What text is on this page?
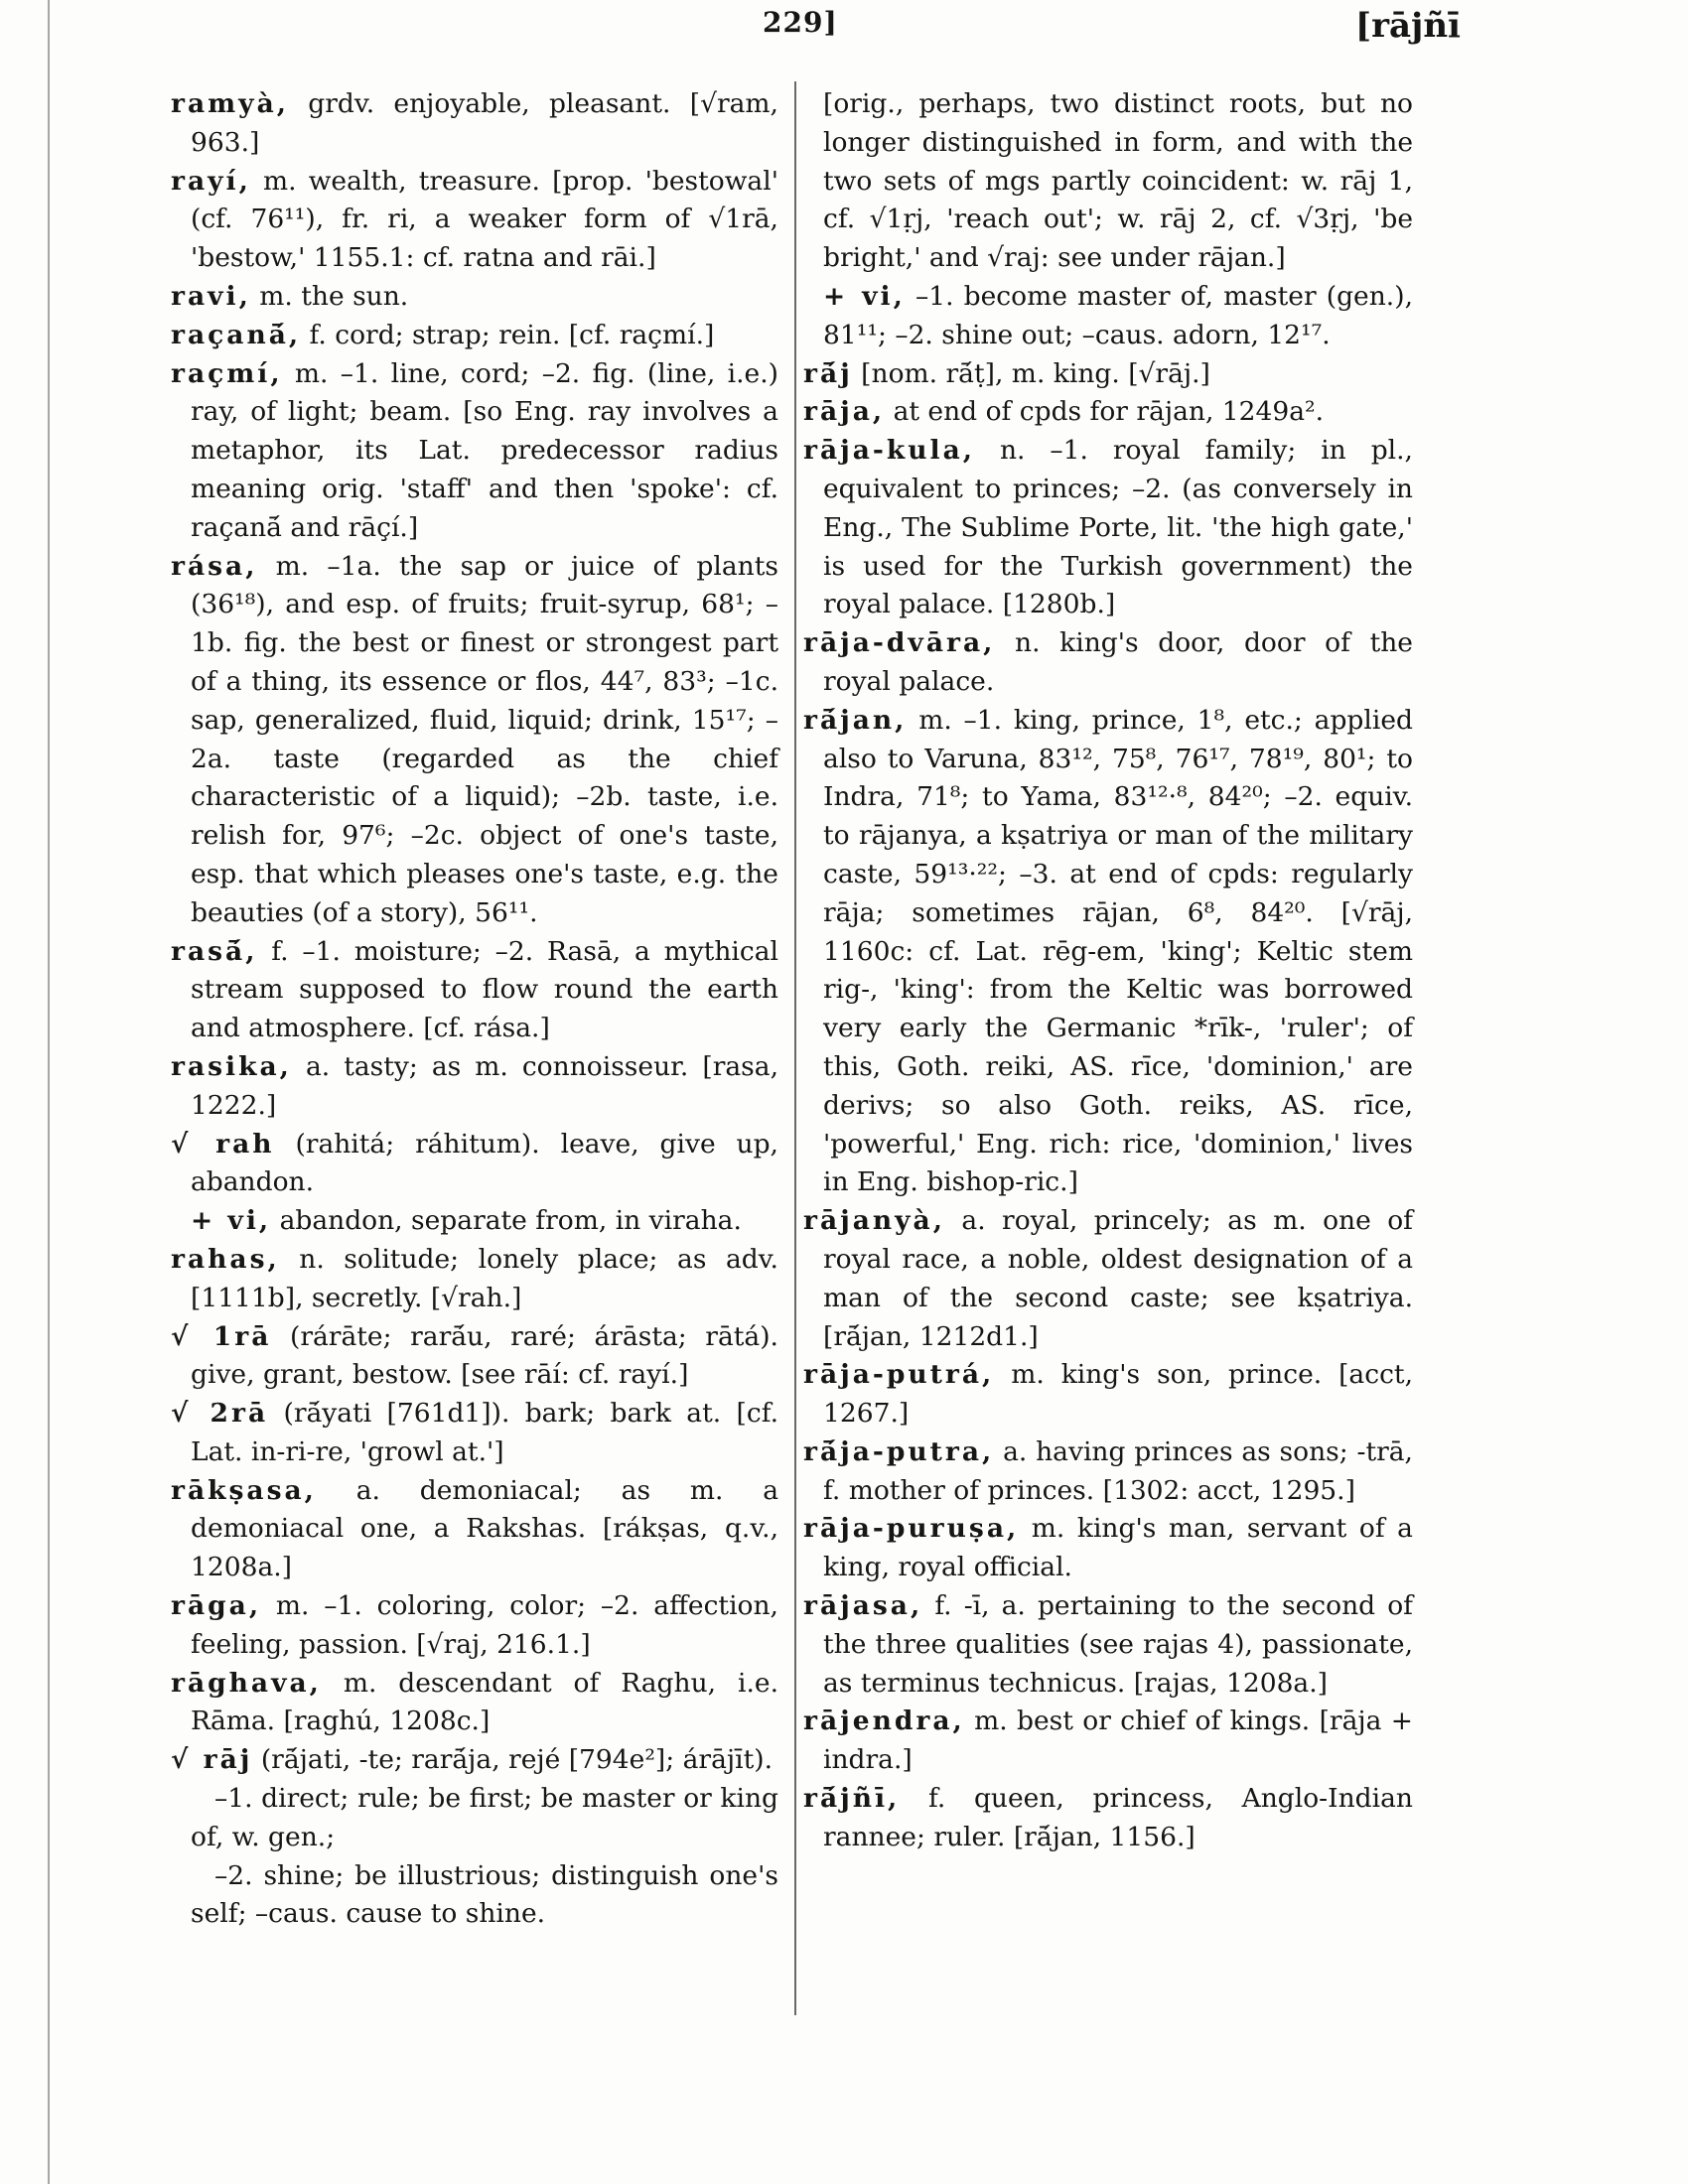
229]	[rājñī
ramyà, grdv. enjoyable, pleasant. [√ram, 963.]
rayí, m. wealth, treasure. [prop. 'bestowal' (cf. 76¹¹), fr. ri, a weaker form of √1rā, 'bestow,' 1155.1: cf. ratna and rāi.]
ravi, m. the sun.
raçanā́, f. cord; strap; rein. [cf. raçmí.]
raçmí, m. –1. line, cord; –2. fig. (line, i.e.) ray, of light; beam. [so Eng. ray involves a metaphor, its Lat. predecessor radius meaning orig. 'staff' and then 'spoke': cf. raçanā́ and rāçí.]
rása, m. –1a. the sap or juice of plants (36¹⁸), and esp. of fruits; fruit-syrup, 68¹; –1b. fig. the best or finest or strongest part of a thing, its essence or flos, 44⁷, 83³; –1c. sap, generalized, fluid, liquid; drink, 15¹⁷; –2a. taste (regarded as the chief characteristic of a liquid); –2b. taste, i.e. relish for, 97⁶; –2c. object of one's taste, esp. that which pleases one's taste, e.g. the beauties (of a story), 56¹¹.
rasā́, f. –1. moisture; –2. Rasā, a mythical stream supposed to flow round the earth and atmosphere. [cf. rása.]
rasika, a. tasty; as m. connoisseur. [rasa, 1222.]
√ rah (rahitá; ráhitum). leave, give up, abandon.
+ vi, abandon, separate from, in viraha.
rahas, n. solitude; lonely place; as adv. [1111b], secretly. [√rah.]
√ 1rā (rárāte; rarā́u, raré; árāsta; rātá). give, grant, bestow. [see rāí: cf. rayí.]
√ 2rā (rā́yati [761d1]). bark; bark at. [cf. Lat. in-ri-re, 'growl at.']
rākṣasa, a. demoniacal; as m. a demoniacal one, a Rakshas. [rákṣas, q.v., 1208a.]
rāga, m. –1. coloring, color; –2. affection, feeling, passion. [√raj, 216.1.]
rāghava, m. descendant of Raghu, i.e. Rāma. [raghú, 1208c.]
√ rāj (rā́jati, -te; rarā́ja, rejé [794e²]; árājīt).
–1. direct; rule; be first; be master or king of, w. gen.;
–2. shine; be illustrious; distinguish one's self; –caus. cause to shine.
[orig., perhaps, two distinct roots, but no longer distinguished in form, and with the two sets of mgs partly coincident: w. rāj 1, cf. √1ṛj, 'reach out'; w. rāj 2, cf. √3ṛj, 'be bright,' and √raj: see under rājan.]
+ vi, –1. become master of, master (gen.), 81¹¹; –2. shine out; –caus. adorn, 12¹⁷.
rā́j [nom. rā́ṭ], m. king. [√rāj.]
rāja, at end of cpds for rājan, 1249a².
rāja-kula, n. –1. royal family; in pl., equivalent to princes; –2. (as conversely in Eng., The Sublime Porte, lit. 'the high gate,' is used for the Turkish government) the royal palace. [1280b.]
rāja-dvāra, n. king's door, door of the royal palace.
rā́jan, m. –1. king, prince, 1⁸, etc.; applied also to Varuna, 83¹², 75⁸, 76¹⁷, 78¹⁹, 80¹; to Indra, 71⁸; to Yama, 83¹²·⁸, 84²⁰; –2. equiv. to rājanya, a kṣatriya or man of the military caste, 59¹³·²²; –3. at end of cpds: regularly rāja; sometimes rājan, 6⁸, 84²⁰. [√rāj, 1160c: cf. Lat. rēg-em, 'king'; Keltic stem rig-, 'king': from the Keltic was borrowed very early the Germanic *rīk-, 'ruler'; of this, Goth. reiki, AS. rīce, 'dominion,' are derivs; so also Goth. reiks, AS. rīce, 'powerful,' Eng. rich: rice, 'dominion,' lives in Eng. bishop-ric.]
rājanyà, a. royal, princely; as m. one of royal race, a noble, oldest designation of a man of the second caste; see kṣatriya. [rā́jan, 1212d1.]
rāja-putrá, m. king's son, prince. [acct, 1267.]
rā́ja-putra, a. having princes as sons; -trā, f. mother of princes. [1302: acct, 1295.]
rāja-puruṣa, m. king's man, servant of a king, royal official.
rājasa, f. -ī, a. pertaining to the second of the three qualities (see rajas 4), passionate, as terminus technicus. [rajas, 1208a.]
rājendra, m. best or chief of kings. [rāja + indra.]
rā́jñī, f. queen, princess, Anglo-Indian rannee; ruler. [rā́jan, 1156.]
